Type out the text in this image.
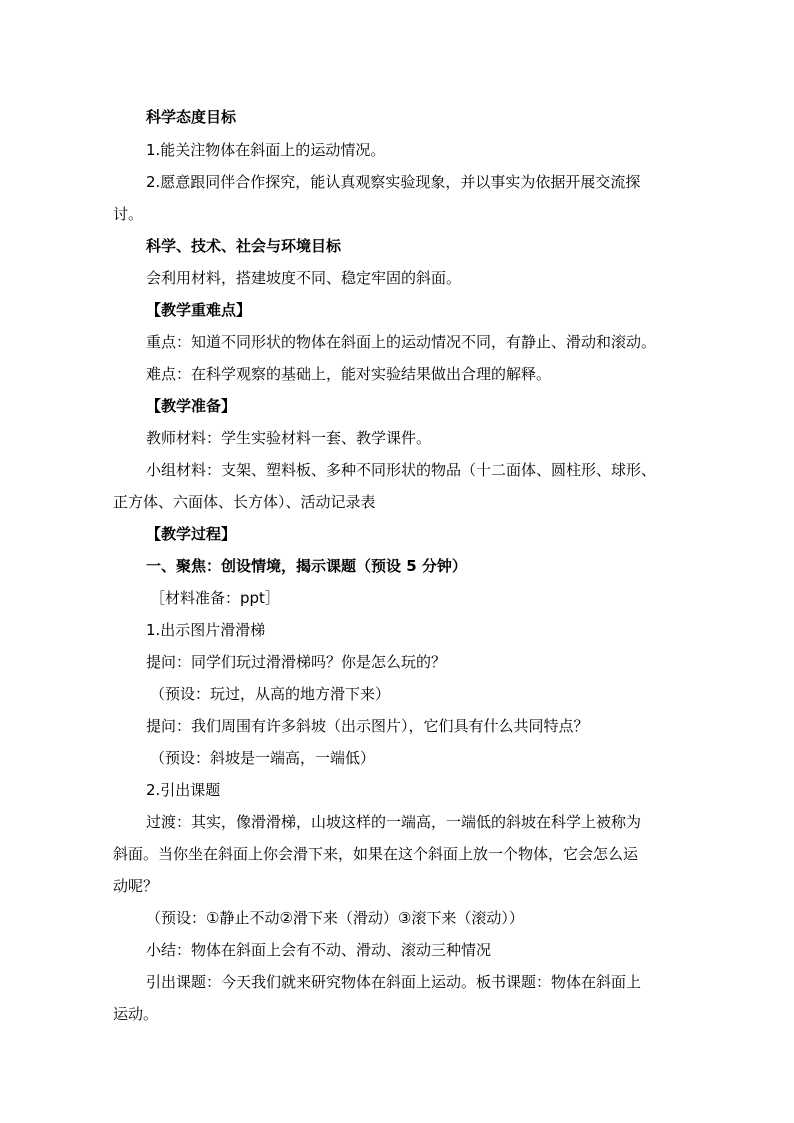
科学态度目标

1.能关注物体在斜面上的运动情况。

2.愿意跟同伴合作探究，能认真观察实验现象，并以事实为依据开展交流探

讨。

科学、技术、社会与环境目标

会利用材料，搭建坡度不同、稳定牢固的斜面。

【教学重难点】

重点：知道不同形状的物体在斜面上的运动情况不同，有静止、滑动和滚动。

难点：在科学观察的基础上，能对实验结果做出合理的解释。

【教学准备】

教师材料：学生实验材料一套、教学课件。

小组材料：支架、塑料板、多种不同形状的物品（十二面体、圆柱形、球形、

正方体、六面体、长方体）、活动记录表

【教学过程】

一、聚焦：创设情境，揭示课题（预设 5 分钟）

［材料准备：ppt］

1.出示图片滑滑梯

提问：同学们玩过滑滑梯吗？你是怎么玩的？

（预设：玩过，从高的地方滑下来）

提问：我们周围有许多斜坡（出示图片），它们具有什么共同特点？

（预设：斜坡是一端高，一端低）

2.引出课题

过渡：其实，像滑滑梯，山坡这样的一端高，一端低的斜坡在科学上被称为

斜面。当你坐在斜面上你会滑下来，如果在这个斜面上放一个物体，它会怎么运

动呢？

（预设：①静止不动②滑下来（滑动）③滚下来（滚动））

小结：物体在斜面上会有不动、滑动、滚动三种情况

引出课题：今天我们就来研究物体在斜面上运动。板书课题：物体在斜面上

运动。
